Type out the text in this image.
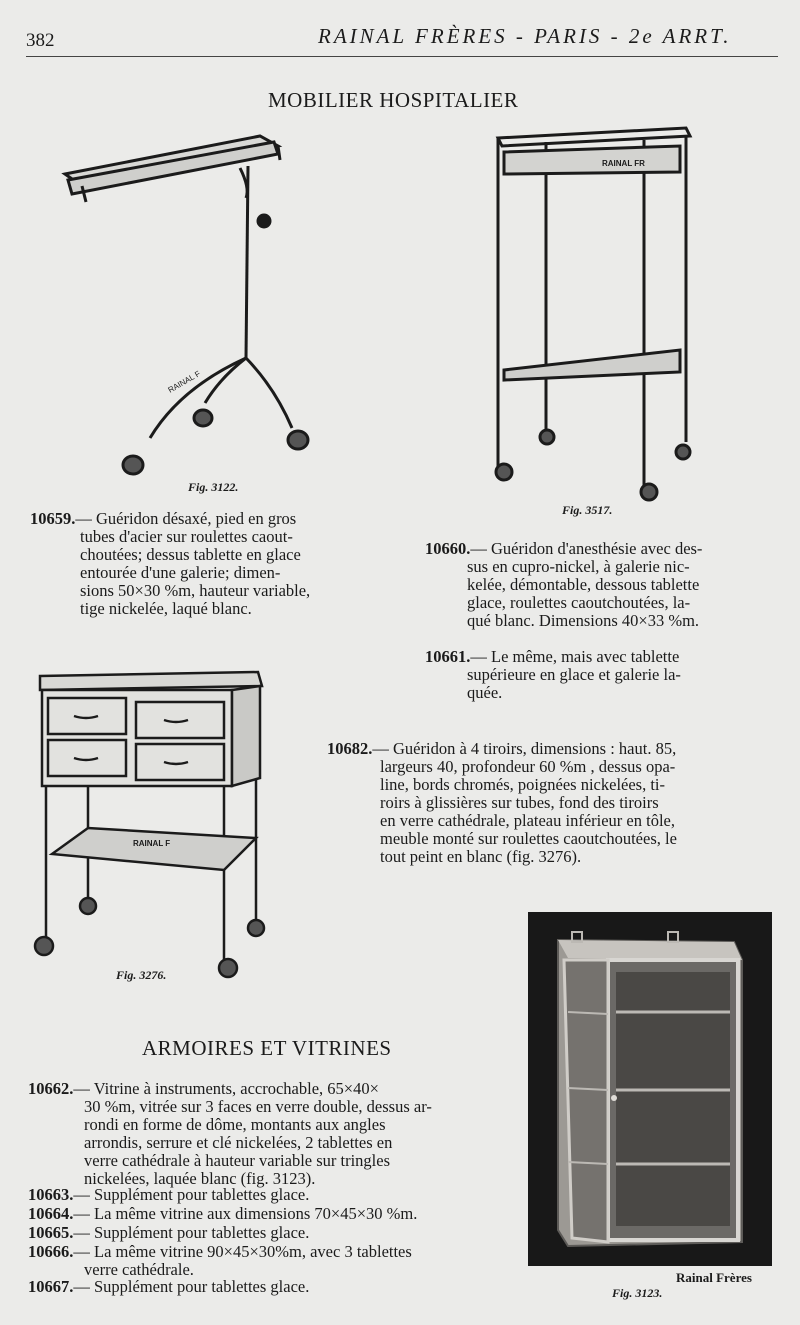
382	RAINAL FRÈRES - PARIS - 2e ARRT.
MOBILIER HOSPITALIER
RAINAL F
Fig. 3122.
RAINAL FR
Fig. 3517.
10659.— Guéridon désaxé, pied en gros
tubes d'acier sur roulettes caout-
choutées; dessus tablette en glace
entourée d'une galerie; dimen-
sions 50×30 %m, hauteur variable,
tige nickelée, laqué blanc.
10660.— Guéridon d'anesthésie avec des-
sus en cupro-nickel, à galerie nic-
kelée, démontable, dessous tablette
glace, roulettes caoutchoutées, la-
qué blanc. Dimensions 40×33 %m.
10661.— Le même, mais avec tablette
supérieure en glace et galerie la-
quée.
RAINAL F
Fig. 3276.
10682.— Guéridon à 4 tiroirs, dimensions : haut. 85,
largeurs 40, profondeur 60 %m , dessus opa-
line, bords chromés, poignées nickelées, ti-
roirs à glissières sur tubes, fond des tiroirs
en verre cathédrale, plateau inférieur en tôle,
meuble monté sur roulettes caoutchoutées, le
tout peint en blanc (fig. 3276).
ARMOIRES ET VITRINES
Rainal Frères
Fig. 3123.
10662.— Vitrine à instruments, accrochable, 65×40×
30 %m, vitrée sur 3 faces en verre double, dessus ar-
rondi en forme de dôme, montants aux angles
arrondis, serrure et clé nickelées, 2 tablettes en
verre cathédrale à hauteur variable sur tringles
nickelées, laquée blanc (fig. 3123).
10663.— Supplément pour tablettes glace.
10664.— La même vitrine aux dimensions 70×45×30 %m.
10665.— Supplément pour tablettes glace.
10666.— La même vitrine 90×45×30%m, avec 3 tablettes
verre cathédrale.
10667.— Supplément pour tablettes glace.
